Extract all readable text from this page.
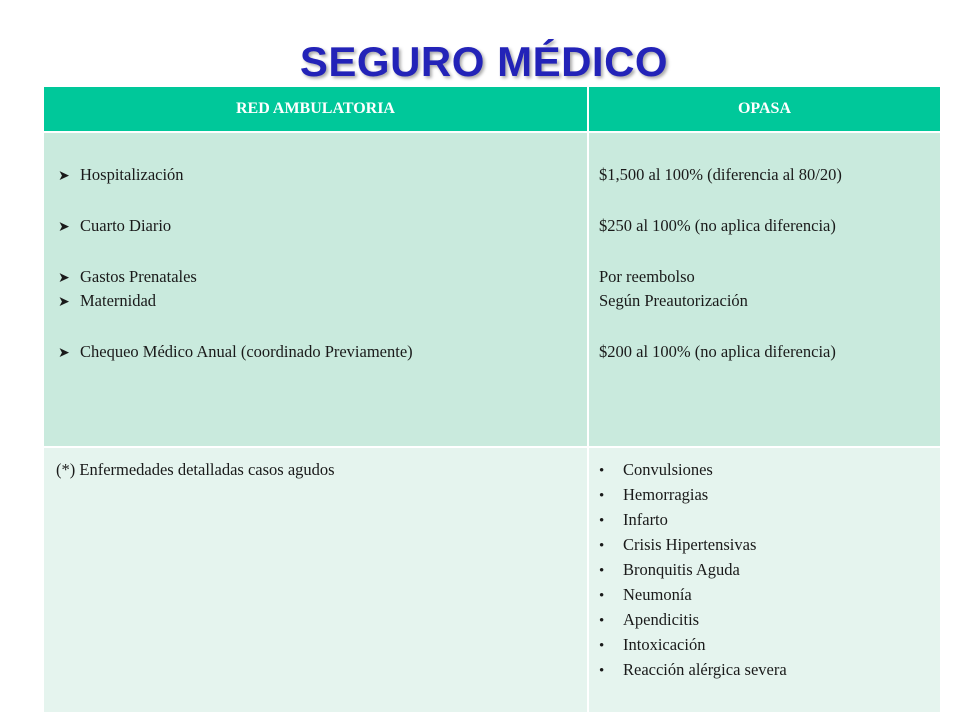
SEGURO MÉDICO
RED AMBULATORIA	OPASA
➤ Hospitalización
➤ Cuarto Diario
➤ Gastos Prenatales
➤ Maternidad
➤ Chequeo Médico Anual (coordinado Previamente)
$1,500 al 100% (diferencia al 80/20)
$250 al 100% (no aplica diferencia)
Por reembolso
Según Preautorización
$200 al 100% (no aplica diferencia)
(*) Enfermedades detalladas casos agudos	• Convulsiones
• Hemorragias
• Infarto
• Crisis Hipertensivas
• Bronquitis Aguda
• Neumonía
• Apendicitis
• Intoxicación
• Reacción alérgica severa
